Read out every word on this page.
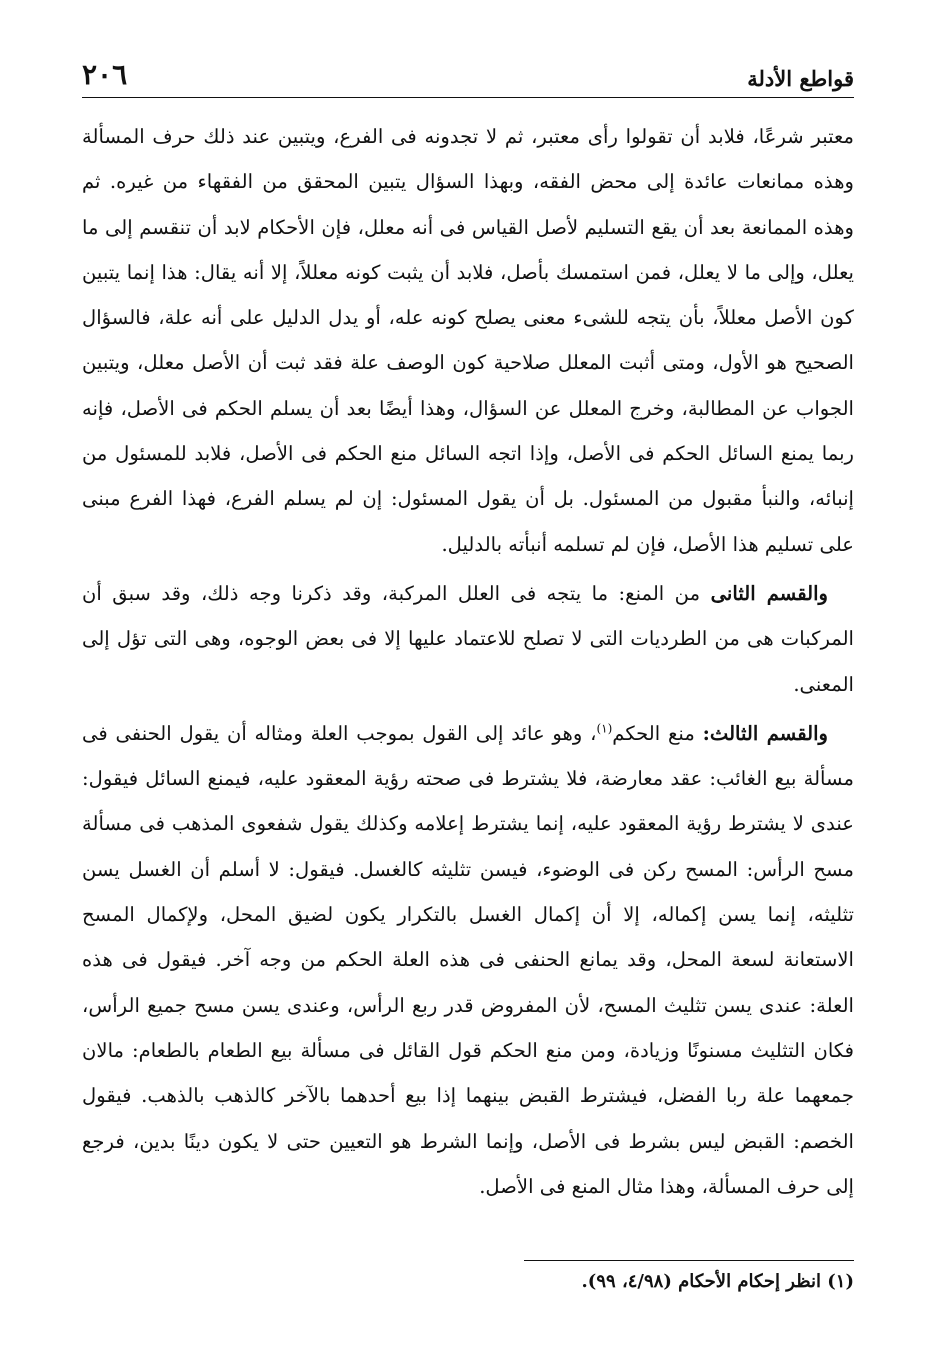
قواطع الأدلة
٢٠٦

معتبر شرعًا، فلابد أن تقولوا رأى معتبر، ثم لا تجدونه فى الفرع، ويتبين عند ذلك حرف المسألة وهذه ممانعات عائدة إلى محض الفقه، وبهذا السؤال يتبين المحقق من الفقهاء من غيره. ثم وهذه الممانعة بعد أن يقع التسليم لأصل القياس فى أنه معلل، فإن الأحكام لابد أن تنقسم إلى ما يعلل، وإلى ما لا يعلل، فمن استمسك بأصل، فلابد أن يثبت كونه معللاً، إلا أنه يقال: هذا إنما يتبين كون الأصل معللاً، بأن يتجه للشىء معنى يصلح كونه عله، أو يدل الدليل على أنه علة، فالسؤال الصحيح هو الأول، ومتى أثبت المعلل صلاحية كون الوصف علة فقد ثبت أن الأصل معلل، ويتبين الجواب عن المطالبة، وخرج المعلل عن السؤال، وهذا أيضًا بعد أن يسلم الحكم فى الأصل، فإنه ربما يمنع السائل الحكم فى الأصل، وإذا اتجه السائل منع الحكم فى الأصل، فلابد للمسئول من إنبائه، والنبأ مقبول من المسئول. بل أن يقول المسئول: إن لم يسلم الفرع، فهذا الفرع مبنى على تسليم هذا الأصل، فإن لم تسلمه أنبأته بالدليل.

والقسم الثانى من المنع: ما يتجه فى العلل المركبة، وقد ذكرنا وجه ذلك، وقد سبق أن المركبات هى من الطرديات التى لا تصلح للاعتماد عليها إلا فى بعض الوجوه، وهى التى تؤل إلى المعنى.

والقسم الثالث: منع الحكم$^{(١)}$، وهو عائد إلى القول بموجب العلة ومثاله أن يقول الحنفى فى مسألة بيع الغائب: عقد معارضة، فلا يشترط فى صحته رؤية المعقود عليه، فيمنع السائل فيقول: عندى لا يشترط رؤية المعقود عليه، إنما يشترط إعلامه وكذلك يقول شفعوى المذهب فى مسألة مسح الرأس: المسح ركن فى الوضوء، فيسن تثليثه كالغسل. فيقول: لا أسلم أن الغسل يسن تثليثه، إنما يسن إكماله، إلا أن إكمال الغسل بالتكرار يكون لضيق المحل، ولإكمال المسح الاستعانة لسعة المحل، وقد يمانع الحنفى فى هذه العلة الحكم من وجه آخر. فيقول فى هذه العلة: عندى يسن تثليث المسح، لأن المفروض قدر ربع الرأس، وعندى يسن مسح جميع الرأس، فكان التثليث مسنونًا وزيادة، ومن منع الحكم قول القائل فى مسألة بيع الطعام بالطعام: مالان جمعهما علة ربا الفضل، فيشترط القبض بينهما إذا بيع أحدهما بالآخر كالذهب بالذهب. فيقول الخصم: القبض ليس بشرط فى الأصل، وإنما الشرط هو التعيين حتى لا يكون دينًا بدين، فرجع إلى حرف المسألة، وهذا مثال المنع فى الأصل.

(١) انظر إحكام الأحكام (٤/٩٨، ٩٩).
